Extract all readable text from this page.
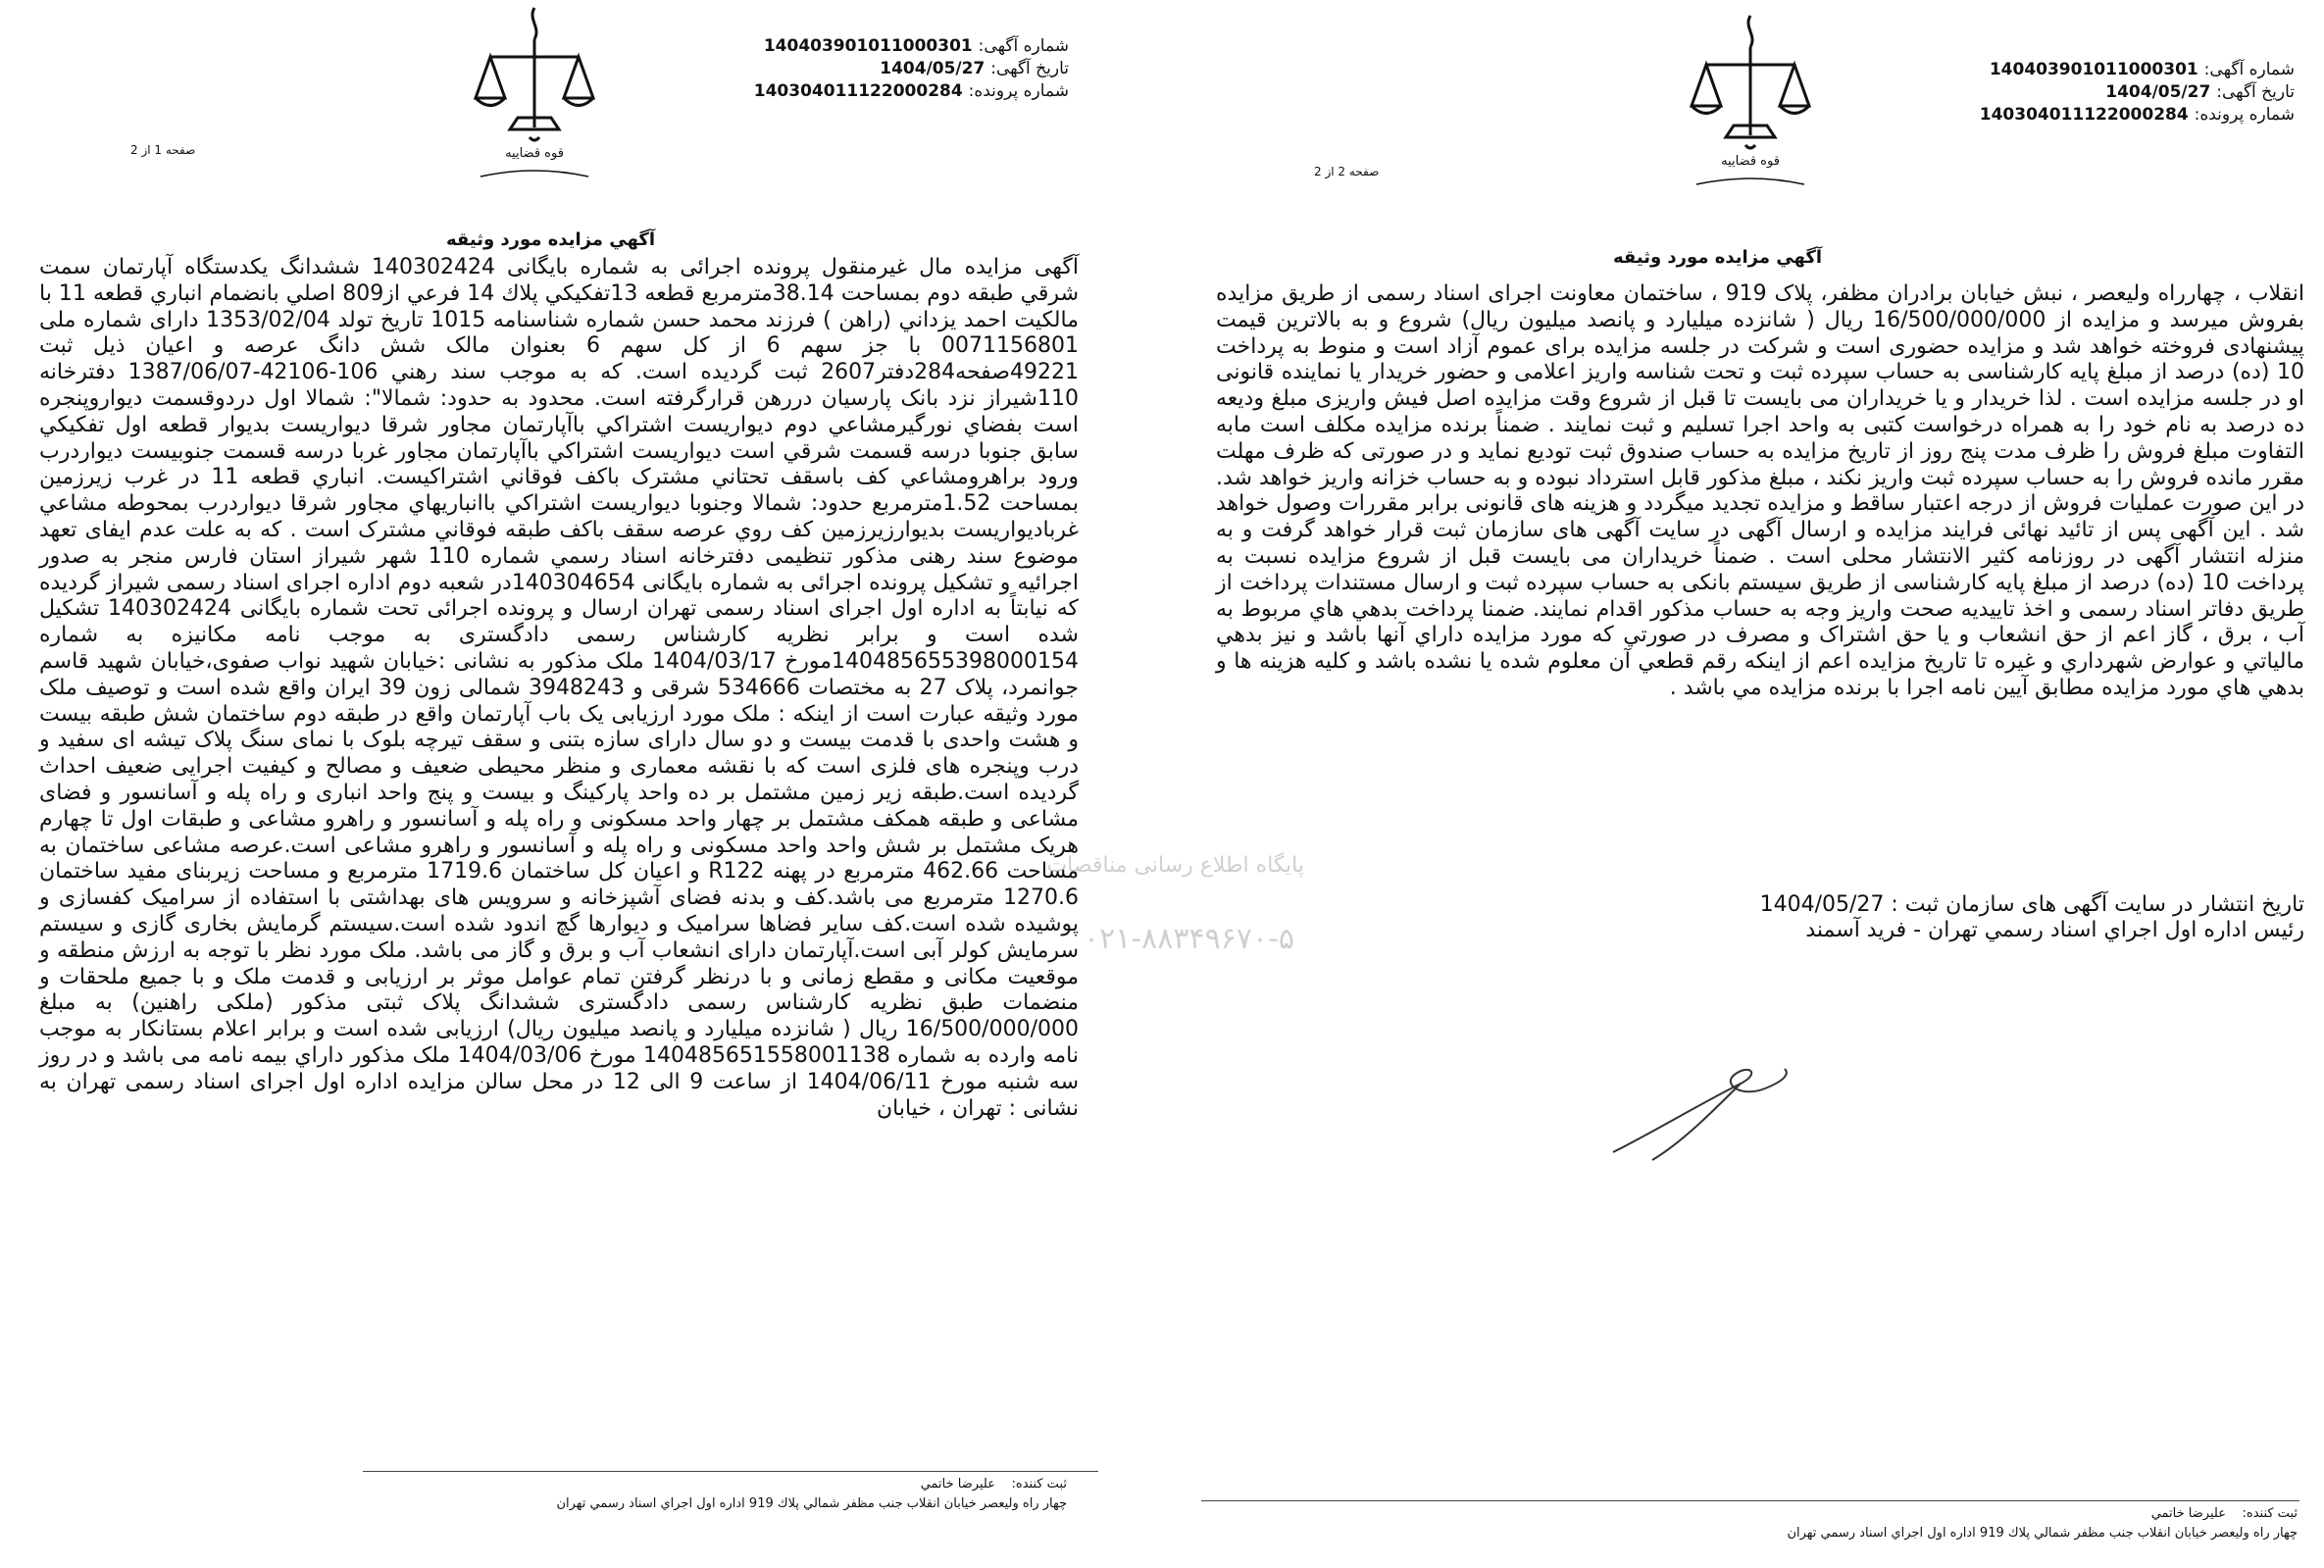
قوه قضاییه
شماره آگهی: 140403901011000301
تاریخ آگهی: 1404/05/27
شماره پرونده: 140304011122000284
صفحه 1 از 2
آگهي مزايده مورد وثيقه
آگهی مزایده مال غیرمنقول پرونده اجرائی به شماره بایگانی 140302424 ششدانگ يكدستگاه آپارتمان سمت شرقي طبقه دوم بمساحت 38.14مترمربع قطعه 13تفكيكي پلاك 14 فرعي از809 اصلي بانضمام انباري قطعه 11 با مالكيت احمد يزداني (راهن ) فرزند محمد حسن شماره شناسنامه 1015 تاريخ تولد 1353/02/04 دارای شماره ملی 0071156801 با جز سهم 6 از کل سهم 6 بعنوان مالک شش دانگ عرصه و اعیان ذيل ثبت 49221صفحه284دفتر2607 ثبت گرديده است. که به موجب سند رهني 106-42106-1387/06/07 دفترخانه 110شيراز نزد بانک پارسيان دررهن قرارگرفته است. محدود به حدود: شمالا": شمالا اول دردوقسمت ديواروپنجره است بفضاي نورگيرمشاعي دوم ديواريست اشتراكي باآپارتمان مجاور شرقا ديواريست بديوار قطعه اول تفكيكي سابق جنوبا درسه قسمت شرقي است ديواريست اشتراكي باآپارتمان مجاور غربا درسه قسمت جنوبيست ديواردرب ورود براهرومشاعي كف باسقف تحتاني مشترک باكف فوقاني اشتراكيست. انباري قطعه 11 در غرب زيرزمين بمساحت 1.52مترمربع حدود: شمالا وجنوبا ديواريست اشتراكي باانباريهاي مجاور شرقا ديواردرب بمحوطه مشاعي غرباديواريست بديوارزيرزمين كف روي عرصه سقف باكف طبقه فوقاني مشترک است . که به علت عدم ایفای تعهد موضوع سند رهنی مذکور تنظیمی دفترخانه اسناد رسمي شماره 110 شهر شیراز استان فارس منجر به صدور اجرائیه و تشکیل پرونده اجرائی به شماره بایگانی 140304654در شعبه دوم اداره اجرای اسناد رسمی شیراز گردیده که نیابتاً به اداره اول اجرای اسناد رسمی تهران ارسال و پرونده اجرائی تحت شماره بایگانی 140302424 تشکیل شده است و برابر نظریه کارشناس رسمی دادگستری به موجب نامه مکانیزه به شماره 140485655398000154مورخ 1404/03/17 ملک مذکور به نشانی :خیابان شهید نواب صفوی،خیابان شهید قاسم جوانمرد، پلاک 27 به مختصات 534666 شرقی و 3948243 شمالی زون 39 ایران واقع شده است و توصیف ملک مورد وثیقه عبارت است از اینکه : ملک مورد ارزیابی یک باب آپارتمان واقع در طبقه دوم ساختمان شش طبقه بیست و هشت واحدی با قدمت بیست و دو سال دارای سازه بتنی و سقف تیرچه بلوک با نمای سنگ پلاک تیشه ای سفید و درب وپنجره های فلزی است که با نقشه معماری و منظر محیطی ضعیف و مصالح و کیفیت اجرایی ضعیف احداث گردیده است.طبقه زیر زمین مشتمل بر ده واحد پارکینگ و بیست و پنج واحد انباری و راه پله و آسانسور و فضای مشاعی و طبقه همکف مشتمل بر چهار واحد مسکونی و راه پله و آسانسور و راهرو مشاعی و طبقات اول تا چهارم هریک مشتمل بر شش واحد واحد مسکونی و راه پله و آسانسور و راهرو مشاعی است.عرصه مشاعی ساختمان به مساحت 462.66 مترمربع در پهنه R122 و اعیان کل ساختمان 1719.6 مترمربع و مساحت زیربنای مفید ساختمان 1270.6 مترمربع می باشد.کف و بدنه فضای آشپزخانه و سرویس های بهداشتی با استفاده از سرامیک کفسازی و پوشیده شده است.کف سایر فضاها سرامیک و دیوارها گچ اندود شده است.سیستم گرمایش بخاری گازی و سیستم سرمایش کولر آبی است.آپارتمان دارای انشعاب آب و برق و گاز می باشد. ملک مورد نظر با توجه به ارزش منطقه و موقعیت مکانی و مقطع زمانی و با درنظر گرفتن تمام عوامل موثر بر ارزیابی و قدمت ملک و با جمیع ملحقات و منضمات طبق نظریه کارشناس رسمی دادگستری ششدانگ پلاک ثبتی مذکور (ملکی راهنین) به مبلغ 16/500/000/000 ریال ( شانزده میلیارد و پانصد میلیون ریال) ارزیابی شده است و برابر اعلام بستانكار به موجب نامه وارده به شماره 140485651558001138 مورخ 1404/03/06 ملک مذکور داراي بیمه نامه می باشد و در روز سه شنبه مورخ 1404/06/11 از ساعت 9 الی 12 در محل سالن مزایده اداره اول اجرای اسناد رسمی تهران به نشانی : تهران ، خیابان
ثبت کننده:    علیرضا خاتمي
چهار راه وليعصر خيابان انقلاب جنب مظفر شمالي پلاك 919 اداره اول اجراي اسناد رسمي تهران
قوه قضاییه
شماره آگهی: 140403901011000301
تاریخ آگهی: 1404/05/27
شماره پرونده: 140304011122000284
صفحه 2 از 2
آگهي مزايده مورد وثيقه
انقلاب ، چهارراه ولیعصر ، نبش خیابان برادران مظفر، پلاک 919 ، ساختمان معاونت اجرای اسناد رسمی از طریق مزایده بفروش میرسد و مزایده از 16/500/000/000 ریال ( شانزده میلیارد و پانصد میلیون ریال) شروع و به بالاترین قیمت پیشنهادی فروخته خواهد شد و مزایده حضوری است و شرکت در جلسه مزایده برای عموم آزاد است و منوط به پرداخت 10 (ده) درصد از مبلغ پایه کارشناسی به حساب سپرده ثبت و تحت شناسه واریز اعلامی و حضور خریدار یا نماینده قانونی او در جلسه مزایده است . لذا خریدار و یا خریداران می بایست تا قبل از شروع وقت مزایده اصل فیش واریزی مبلغ ودیعه ده درصد به نام خود را به همراه درخواست کتبی به واحد اجرا تسلیم و ثبت نمایند . ضمناً برنده مزایده مکلف است مابه التفاوت مبلغ فروش را ظرف مدت پنج روز از تاریخ مزایده به حساب صندوق ثبت تودیع نماید و در صورتی که ظرف مهلت مقرر مانده فروش را به حساب سپرده ثبت واریز نکند ، مبلغ مذکور قابل استرداد نبوده و به حساب خزانه واریز خواهد شد. در این صورت عملیات فروش از درجه اعتبار ساقط و مزایده تجدید میگردد و هزینه های قانونی برابر مقررات وصول خواهد شد . این آگهی پس از تائید نهائی فرایند مزایده و ارسال آگهی در سایت آگهی های سازمان ثبت قرار خواهد گرفت و به منزله انتشار آگهی در روزنامه کثیر الانتشار محلی است . ضمناً خریداران می بایست قبل از شروع مزایده نسبت به پرداخت 10 (ده) درصد از مبلغ پایه کارشناسی از طریق سیستم بانکی به حساب سپرده ثبت و ارسال مستندات پرداخت از طریق دفاتر اسناد رسمی و اخذ تاییدیه صحت واریز وجه به حساب مذکور اقدام نمایند. ضمنا پرداخت بدهي هاي مربوط به آب ، برق ، گاز اعم از حق انشعاب و یا حق اشتراک و مصرف در صورتي که مورد مزايده داراي آنها باشد و نيز بدهي مالياتي و عوارض شهرداري و غيره تا تاريخ مزايده اعم از اينکه رقم قطعي آن معلوم شده يا نشده باشد و کليه هزينه ها و بدهي هاي مورد مزايده مطابق آيين نامه اجرا با برنده مزايده مي باشد .
تاریخ انتشار در سایت آگهی های سازمان ثبت : 1404/05/27
رئيس اداره اول اجراي اسناد رسمي تهران - فريد آسمند
ثبت کننده:    علیرضا خاتمي
چهار راه وليعصر خيابان انقلاب جنب مظفر شمالي پلاك 919 اداره اول اجراي اسناد رسمي تهران
پایگاه اطلاع رسانی مناقصات
۰۲۱-۸۸۳۴۹۶۷۰-۵
